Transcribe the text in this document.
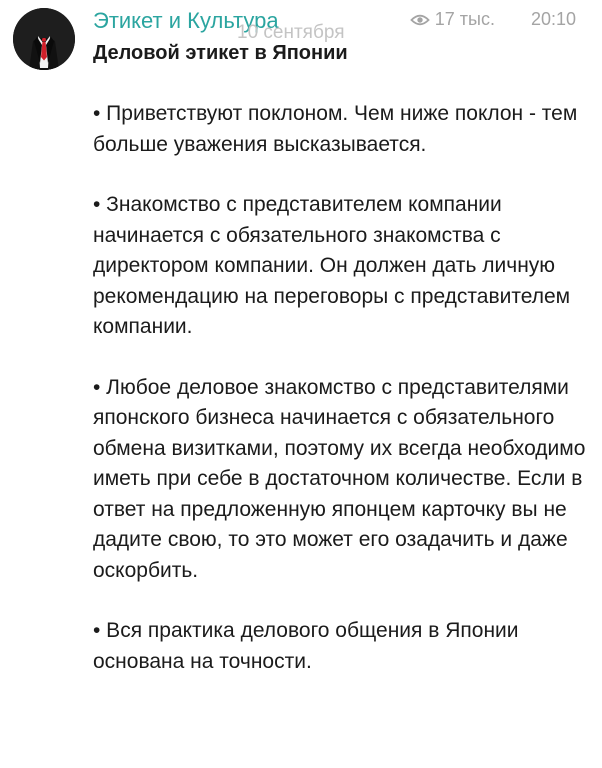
Этикет и Культура
10 сентября
17 тыс. 20:10
Деловой этикет в Японии

• Приветствуют поклоном. Чем ниже поклон - тем больше уважения высказывается.

• Знакомство с представителем компании начинается с обязательного знакомства с директором компании. Он должен дать личную рекомендацию на переговоры с представителем компании.

• Любое деловое знакомство с представителями японского бизнеса начинается с обязательного обмена визитками, поэтому их всегда необходимо иметь при себе в достаточном количестве. Если в ответ на предложенную японцем карточку вы не дадите свою, то это может его озадачить и даже оскорбить.

• Вся практика делового общения в Японии основана на точности.
